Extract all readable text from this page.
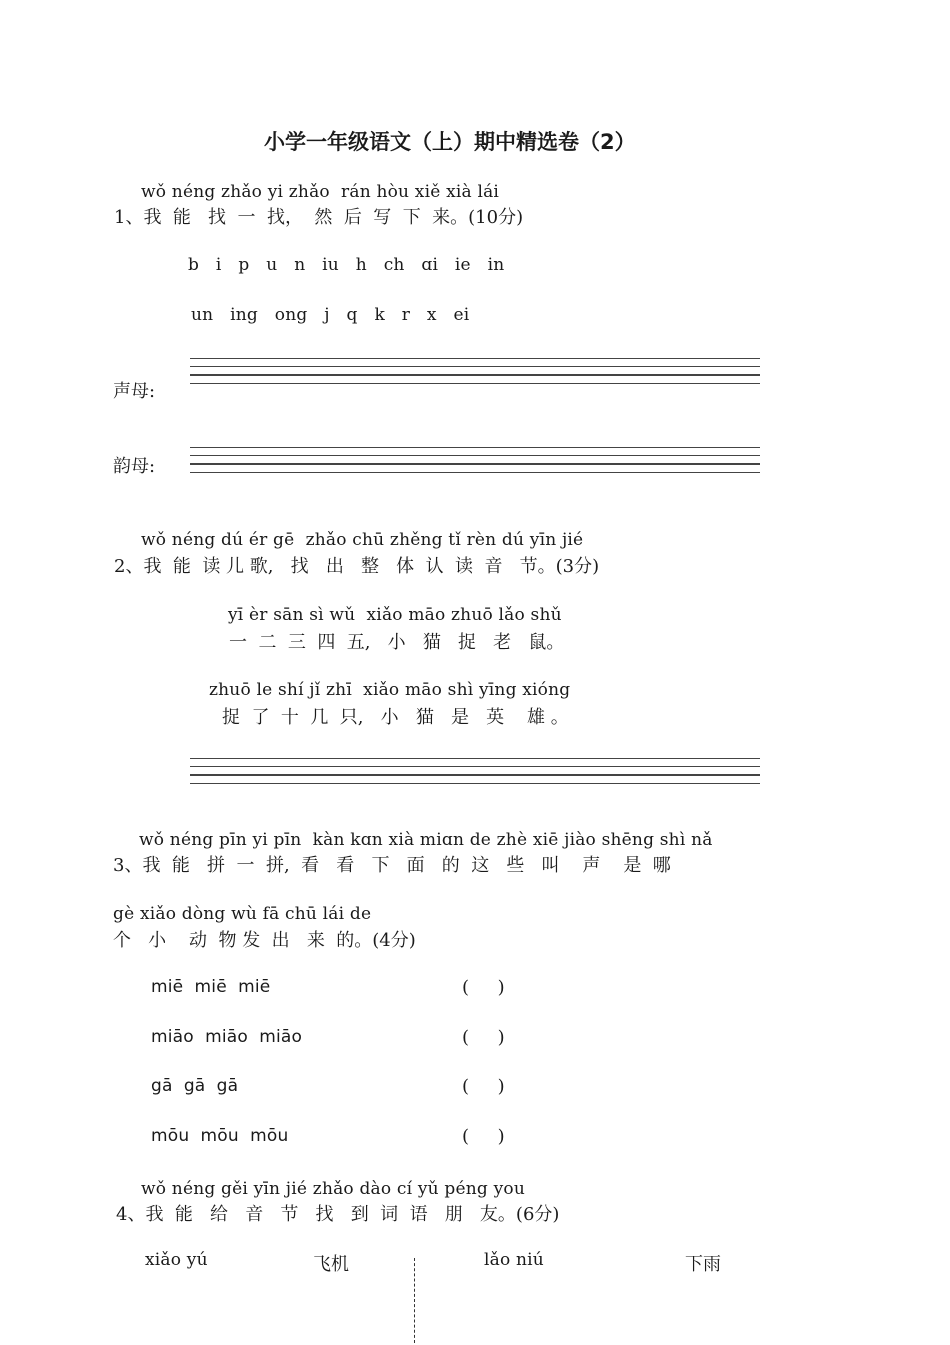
小学一年级语文（上）期中精选卷（2）
wǒ néng zhǎo yi zhǎo  rán hòu xiě xià lái
1、我  能   找  一  找，  然  后  写  下  来。(10分)
b   i   p   u   n   iu   h   ch   ɑi   ie   in
un   ing   ong   j   q   k   r   x   ei
声母:
韵母:
wǒ néng dú ér gē  zhǎo chū zhěng tǐ rèn dú yīn jié
2、我  能  读 儿 歌,   找   出   整   体  认  读  音   节。(3分)
yī èr sān sì wǔ  xiǎo māo zhuō lǎo shǔ
一  二  三  四  五,   小   猫   捉   老   鼠。
zhuō le shí jǐ zhī  xiǎo māo shì yīng xióng
捉  了  十  几  只,   小   猫   是   英    雄 。
wǒ néng pīn yi pīn  kàn kɑn xià miɑn de zhè xiē jiào shēng shì nǎ
3、我  能   拼  一  拼,  看   看   下   面   的  这   些   叫    声    是  哪
gè xiǎo dòng wù fā chū lái de
个   小    动  物 发  出   来  的。(4分)
miē  miē  miē	(     )
miāo  miāo  miāo	(     )
gā  gā  gā	(     )
mōu  mōu  mōu	(     )
wǒ néng gěi yīn jié zhǎo dào cí yǔ péng you
4、我  能   给   音   节   找   到  词  语   朋   友。(6分)
xiǎo yú	飞机	lǎo niú	下雨
